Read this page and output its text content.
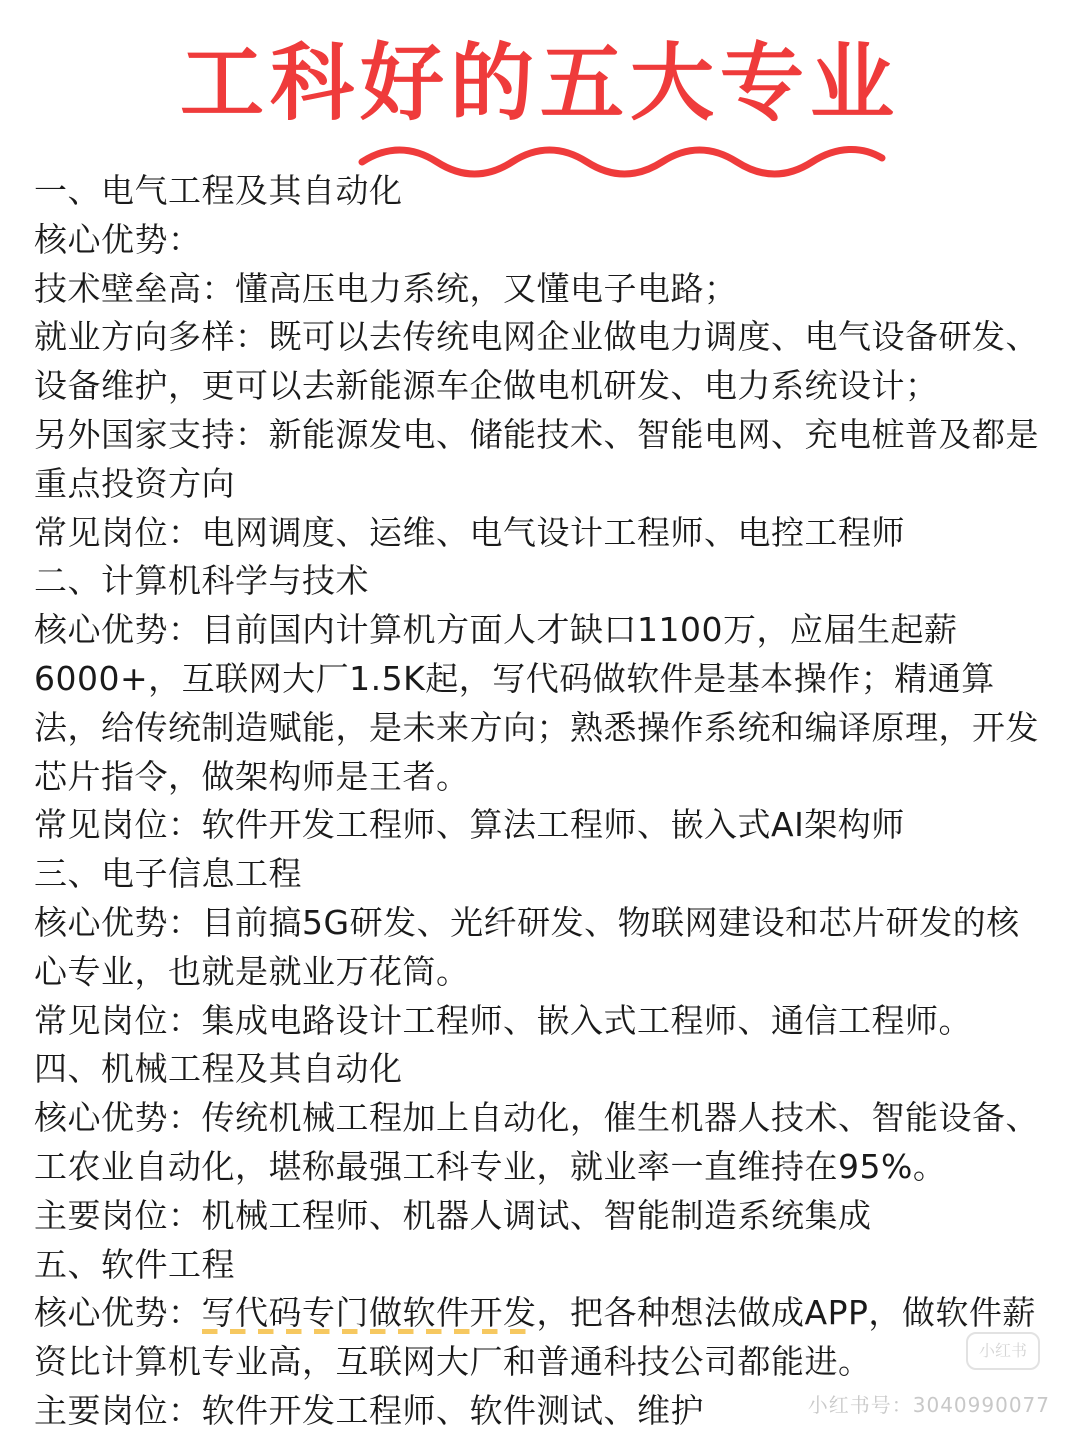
工科好的五大专业
一、电气工程及其自动化
核心优势：
技术壁垒高：懂高压电力系统，又懂电子电路；
就业方向多样：既可以去传统电网企业做电力调度、电气设备研发、设备维护，更可以去新能源车企做电机研发、电力系统设计；
另外国家支持：新能源发电、储能技术、智能电网、充电桩普及都是重点投资方向
常见岗位：电网调度、运维、电气设计工程师、电控工程师
二、计算机科学与技术
核心优势：目前国内计算机方面人才缺口1100万，应届生起薪6000+，互联网大厂1.5K起，写代码做软件是基本操作；精通算法，给传统制造赋能，是未来方向；熟悉操作系统和编译原理，开发芯片指令，做架构师是王者。
常见岗位：软件开发工程师、算法工程师、嵌入式AI架构师
三、电子信息工程
核心优势：目前搞5G研发、光纤研发、物联网建设和芯片研发的核心专业，也就是就业万花筒。
常见岗位：集成电路设计工程师、嵌入式工程师、通信工程师。
四、机械工程及其自动化
核心优势：传统机械工程加上自动化，催生机器人技术、智能设备、工农业自动化，堪称最强工科专业，就业率一直维持在95%。
主要岗位：机械工程师、机器人调试、智能制造系统集成
五、软件工程
核心优势：写代码专门做软件开发，把各种想法做成APP，做软件薪资比计算机专业高，互联网大厂和普通科技公司都能进。
主要岗位：软件开发工程师、软件测试、维护
小红书
小红书号：3040990077
